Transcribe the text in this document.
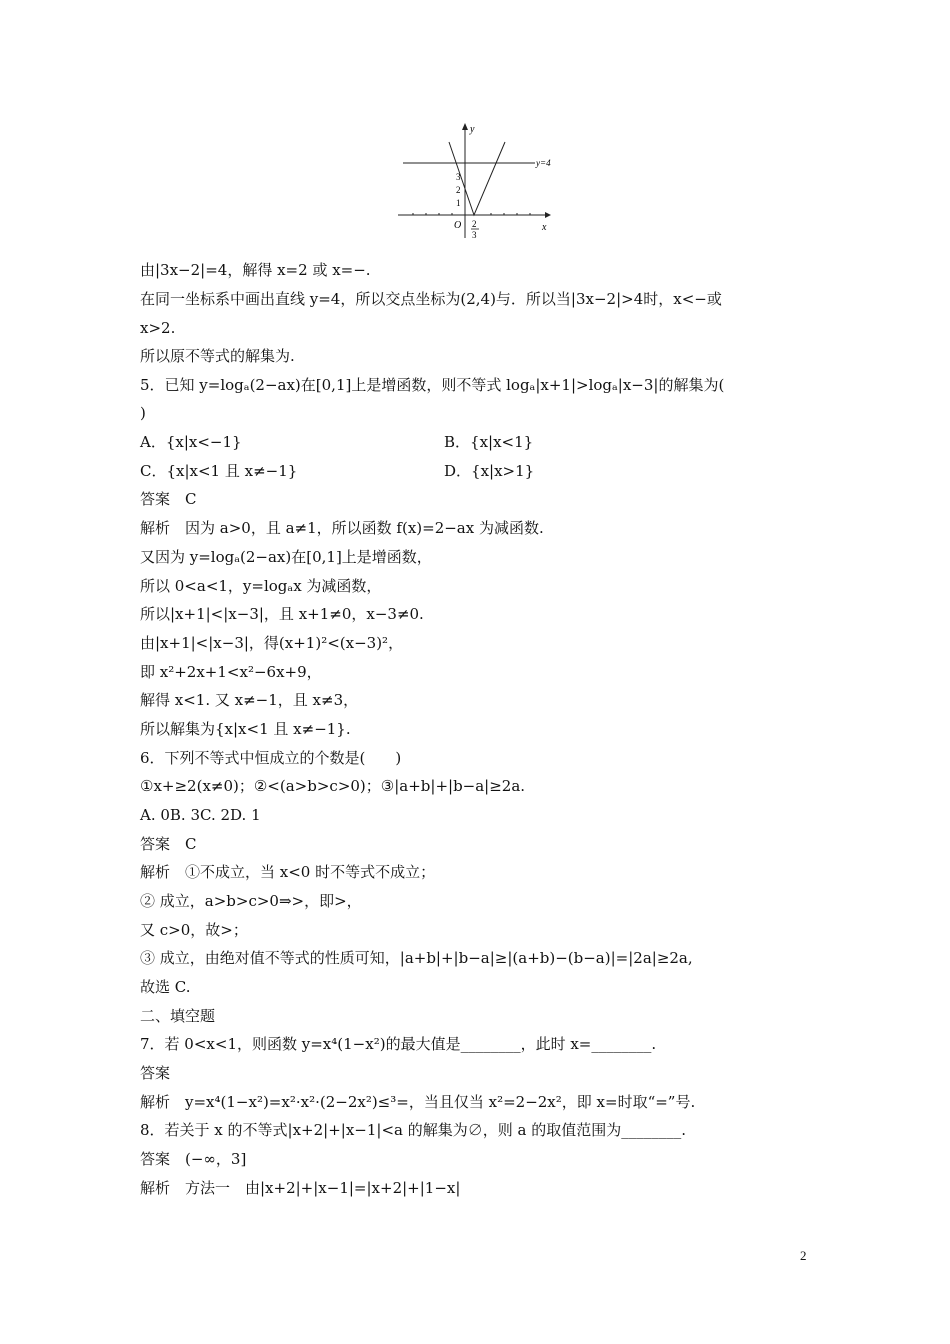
y
x
y=4
O
3
2
1
2
3
由|3x−2|=4，解得 x=2 或 x=−.
在同一坐标系中画出直线 y=4，所以交点坐标为(2,4)与．所以当|3x−2|>4时，x<−或
x>2.
所以原不等式的解集为.
5．已知 y=logₐ(2−ax)在[0,1]上是增函数，则不等式 logₐ|x+1|>logₐ|x−3|的解集为(
)
A．{x|x<−1}	B．{x|x<1}
C．{x|x<1 且 x≠−1}	D．{x|x>1}
答案　C
解析　因为 a>0，且 a≠1，所以函数 f(x)=2−ax 为减函数.
又因为 y=logₐ(2−ax)在[0,1]上是增函数，
所以 0<a<1，y=logₐx 为减函数，
所以|x+1|<|x−3|，且 x+1≠0，x−3≠0.
由|x+1|<|x−3|，得(x+1)²<(x−3)²，
即 x²+2x+1<x²−6x+9，
解得 x<1. 又 x≠−1，且 x≠3，
所以解集为{x|x<1 且 x≠−1}.
6．下列不等式中恒成立的个数是(　　)
①x+≥2(x≠0)；②<(a>b>c>0)；③|a+b|+|b−a|≥2a.
A. 0B. 3C. 2D. 1
答案　C
解析　①不成立，当 x<0 时不等式不成立；
② 成立，a>b>c>0⇒>，即>，
又 c>0，故>；
③ 成立，由绝对值不等式的性质可知，|a+b|+|b−a|≥|(a+b)−(b−a)|=|2a|≥2a,
故选 C.
二、填空题
7．若 0<x<1，则函数 y=x⁴(1−x²)的最大值是________，此时 x=________.
答案
解析　y=x⁴(1−x²)=x²·x²·(2−2x²)≤³=，当且仅当 x²=2−2x²，即 x=时取“=”号.
8．若关于 x 的不等式|x+2|+|x−1|<a 的解集为∅，则 a 的取值范围为________.
答案　(−∞，3]
解析　方法一　由|x+2|+|x−1|=|x+2|+|1−x|
2
